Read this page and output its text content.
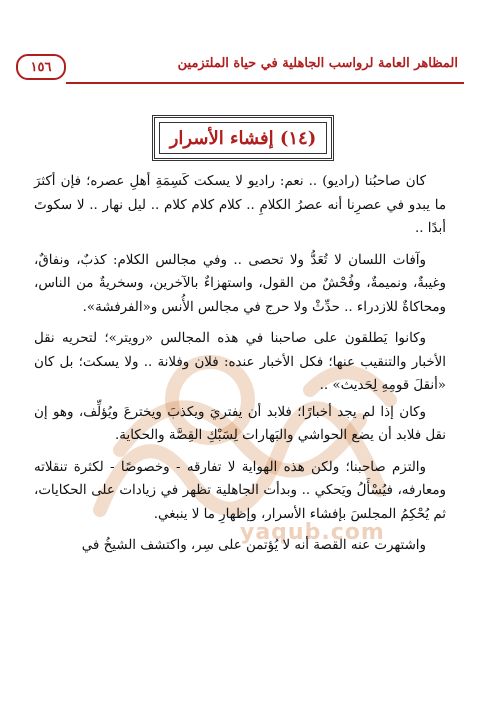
١٥٦	المظاهر العامة لرواسب الجاهلية في حياة الملتزمين
(١٤) إفشاء الأسرار
yaqub.com

كان صاحبُنا (راديو) .. نعم: راديو لا يسكت كَسِمَةِ أهلِ عصره؛ فإن أكثرَ ما يبدو في عصرِنا أنه عصرُ الكلامِ .. كلام كلام كلام .. ليل نهار .. لا سكوتَ أبدًا ..

وآفات اللسان لا تُعَدُّ ولا تحصى .. وفي مجالس الكلام: كذبٌ، ونفاقٌ، وغيبةٌ، ونميمةٌ، وفُحْشٌ من القول، واستهزاءٌ بالآخرين، وسخريةٌ من الناس، ومحاكاةٌ للازدراء .. حدِّثْ ولا حرج في مجالس الأُنس و«الفرفشة».

وكانوا يَطلقون على صاحبنا في هذه المجالس «رويتر»؛ لتحريه نقل الأخبار والتنقيب عنها؛ فكل الأخبار عنده: فلان وفلانة .. ولا يسكت؛ بل كان «أنقلَ قومِهِ لِحَديث» ..

وكان إذا لم يجد أخبارًا؛ فلابد أن يفتريَ ويكذبَ ويخترعَ ويُؤلِّف، وهو إن نقل فلابد أن يضع الحواشي والبَهارات لِسَبْكِ القِصَّة والحكاية.

والتزم صاحبنا؛ ولكن هذه الهواية لا تفارقه - وخصوصًا - لكثرة تنقلاته ومعارفه، فيُسْأَلُ ويَحكي .. وبدأت الجاهلية تظهر في زيادات على الحكايات، ثم يُحْكِمُ المجلسَ بإفشاء الأسرار، وإظهارِ ما لا ينبغي.

واشتهرت عنه القصة أنه لا يُؤتمن على سِر، واكتشف الشيخُ في
